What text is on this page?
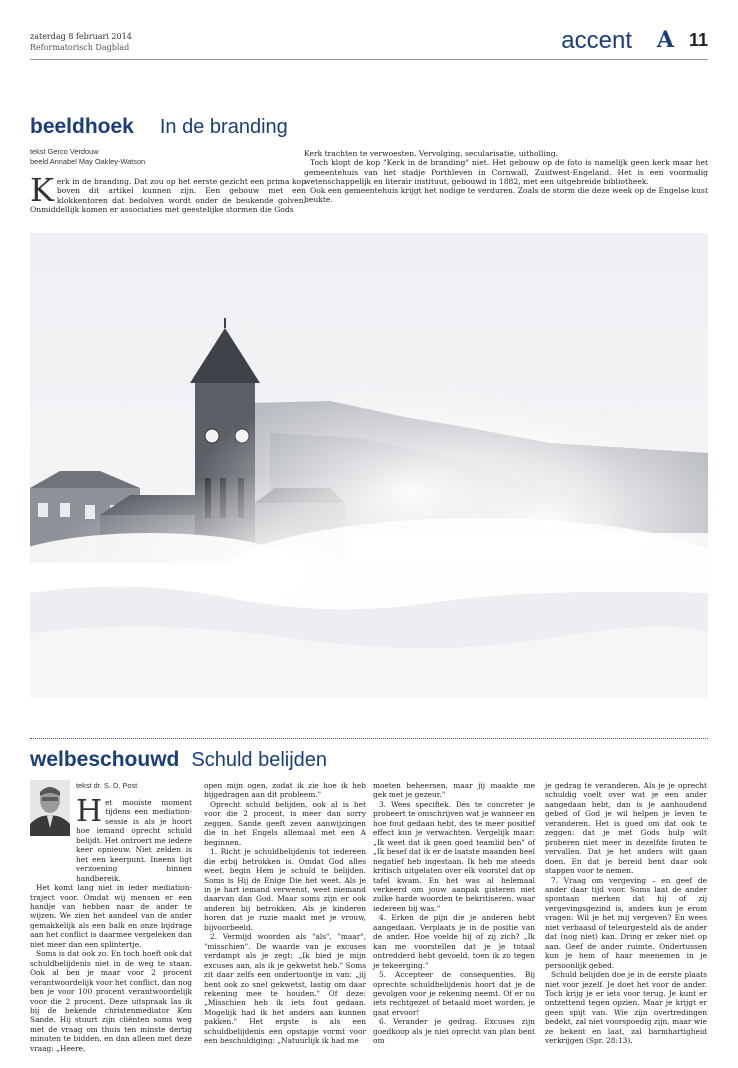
zaterdag 8 februari 2014
Reformatorisch Dagblad	accent A 11
beeldhoek In de branding
tekst Gerco Verdouw
beeld Annabel May Oakley-Watson

Kerk in de branding. Dat zou op het eerste gezicht een prima kop boven dit artikel kunnen zijn. Een gebouw met een klokkentoren dat bedolven wordt onder de beukende golven. Onmiddellijk komen er associaties met geestelijke stormen die Gods

Kerk trachten te verwoesten. Vervolging, secularisatie, uitholling.

Toch klopt de kop "Kerk in de branding" niet. Het gebouw op de foto is namelijk geen kerk maar het gemeentehuis van het stadje Porthleven in Cornwall, Zuidwest-Engeland. Het is een voormalig wetenschappelijk en literair instituut, gebouwd in 1882, met een uitgebreide bibliotheek.

Ook een gemeentehuis krijgt het nodige te verduren. Zoals de storm die deze week op de Engelse kust beukte.

welbeschouwd Schuld belijden
tekst dr. S. D. Post

Het mooiste moment tijdens een mediation-sessie is als je hoort hoe iemand oprecht schuld belijdt. Het ontroert me iedere keer opnieuw. Niet zelden is het een keerpunt. Ineens ligt verzoening binnen handbereik.

Het komt lang niet in ieder mediation-traject voor. Omdat wij mensen er een handje van hebben naar de ander te wijzen. We zien het aandeel van de ander gemakkelijk als een balk en onze bijdrage aan het conflict is daarmee vergeleken dan niet meer dan een splintertje.

Soms is dat ook zo. En toch hoeft ook dat schuldbelijdenis niet in de weg te staan. Ook al ben je maar voor 2 procent verantwoordelijk voor het conflict, dan nog ben je voor 100 procent verantwoordelijk voor die 2 procent. Deze uitspraak las ik bij de bekende christenmediator Ken Sande. Hij stuurt zijn cliënten soms weg met de vraag om thuis ten minste dertig minuten te bidden, en dan alleen met deze vraag: „Heere,

open mijn ogen, zodat ik zie hoe ik heb bijgedragen aan dit probleem."

Oprecht schuld belijden, ook al is het voor die 2 procent, is meer dan sorry zeggen. Sande geeft zeven aanwijzingen die in het Engels allemaal met een A beginnen.

1. Richt je schuldbelijdenis tot iedereen die erbij betrokken is. Omdat God alles weet, begin Hem je schuld te belijden. Soms is Hij de Enige Die het weet. Als je in je hart iemand verwenst, weet niemand daarvan dan God. Maar soms zijn er ook anderen bij betrokken. Als je kinderen horen dat je ruzie maakt met je vrouw, bijvoorbeeld.

2. Vermijd woorden als "als", "maar", "misschien". De waarde van je excuses verdampt als je zegt: „Ik bied je mijn excuses aan, als ik je gekwetst heb." Soms zit daar zelfs een ondertoontje in van: „jij bent ook zo snel gekwetst, lastig om daar rekening mee te houden." Of deze: „Misschien heb ik iets fout gedaan. Mogelijk had ik het anders aan kunnen pakken." Het ergste is als een schuldbelijdenis een opstapje vormt voor een beschuldiging: „Natuurlijk ik had me

moeten beheersen, maar jij maakte me gek met je gezeur."

3. Wees specifiek. Des te concreter je probeert te omschrijven wat je wanneer en hoe fout gedaan hebt, des te meer positief effect kun je verwachten. Vergelijk maar: „Ik weet dat ik geen goed teamlid ben" of „Ik besef dat ik er de laatste maanden heel negatief heb ingestaan. Ik heb me steeds kritisch uitgelaten over elk voorstel dat op tafel kwam. En het was al helemaal verkeerd om jouw aanpak gisteren met zulke harde woorden te bekritiseren, waar iedereen bij was."

4. Erken de pijn die je anderen hebt aangedaan. Verplaats je in de positie van de ander. Hoe voelde hij of zij zich? „Ik kan me voorstellen dat je je totaal ontredderd hebt gevoeld, toen ik zo tegen je tekeerging."

5. Accepteer de consequenties. Bij oprechte schuldbelijdenis hoort dat je de gevolgen voor je rekening neemt. Of er nu iets rechtgezet of betaald moet worden, je gaat ervoor!

6. Verander je gedrag. Excuses zijn goedkoop als je niet oprecht van plan bent om

je gedrag te veranderen. Als je je oprecht schuldig voelt over wat je een ander aangedaan hebt, dan is je aanhoudend gebed of God je wil helpen je leven te veranderen. Het is goed om dat ook te zeggen: dat je met Gods hulp wilt proberen niet meer in dezelfde fouten te vervallen. Dat je het anders wilt gaan doen. En dat je bereid bent daar ook stappen voor te nemen.

7. Vraag om vergeving – en geef de ander daar tijd voor. Soms laat de ander spontaan merken dat hij of zij vergevingsgezind is, anders kun je erom vragen: Wil je het mij vergeven? En wees niet verbaasd of teleurgesteld als de ander dat (nog niet) kan. Dring er zeker niet op aan. Geef de ander ruimte. Ondertussen kun je hem of haar meenemen in je persoonlijk gebed.

Schuld belijden doe je in de eerste plaats niet voor jezelf. Je doet het voor de ander. Toch krijg je er iets voor terug. Je kunt er ontzettend tegen opzien. Maar je krijgt er geen spijt van. Wie zijn overtredingen bedekt, zal niet voorspoedig zijn, maar wie ze bekent en laat, zal barmhartigheid verkrijgen (Spr. 28:13).
